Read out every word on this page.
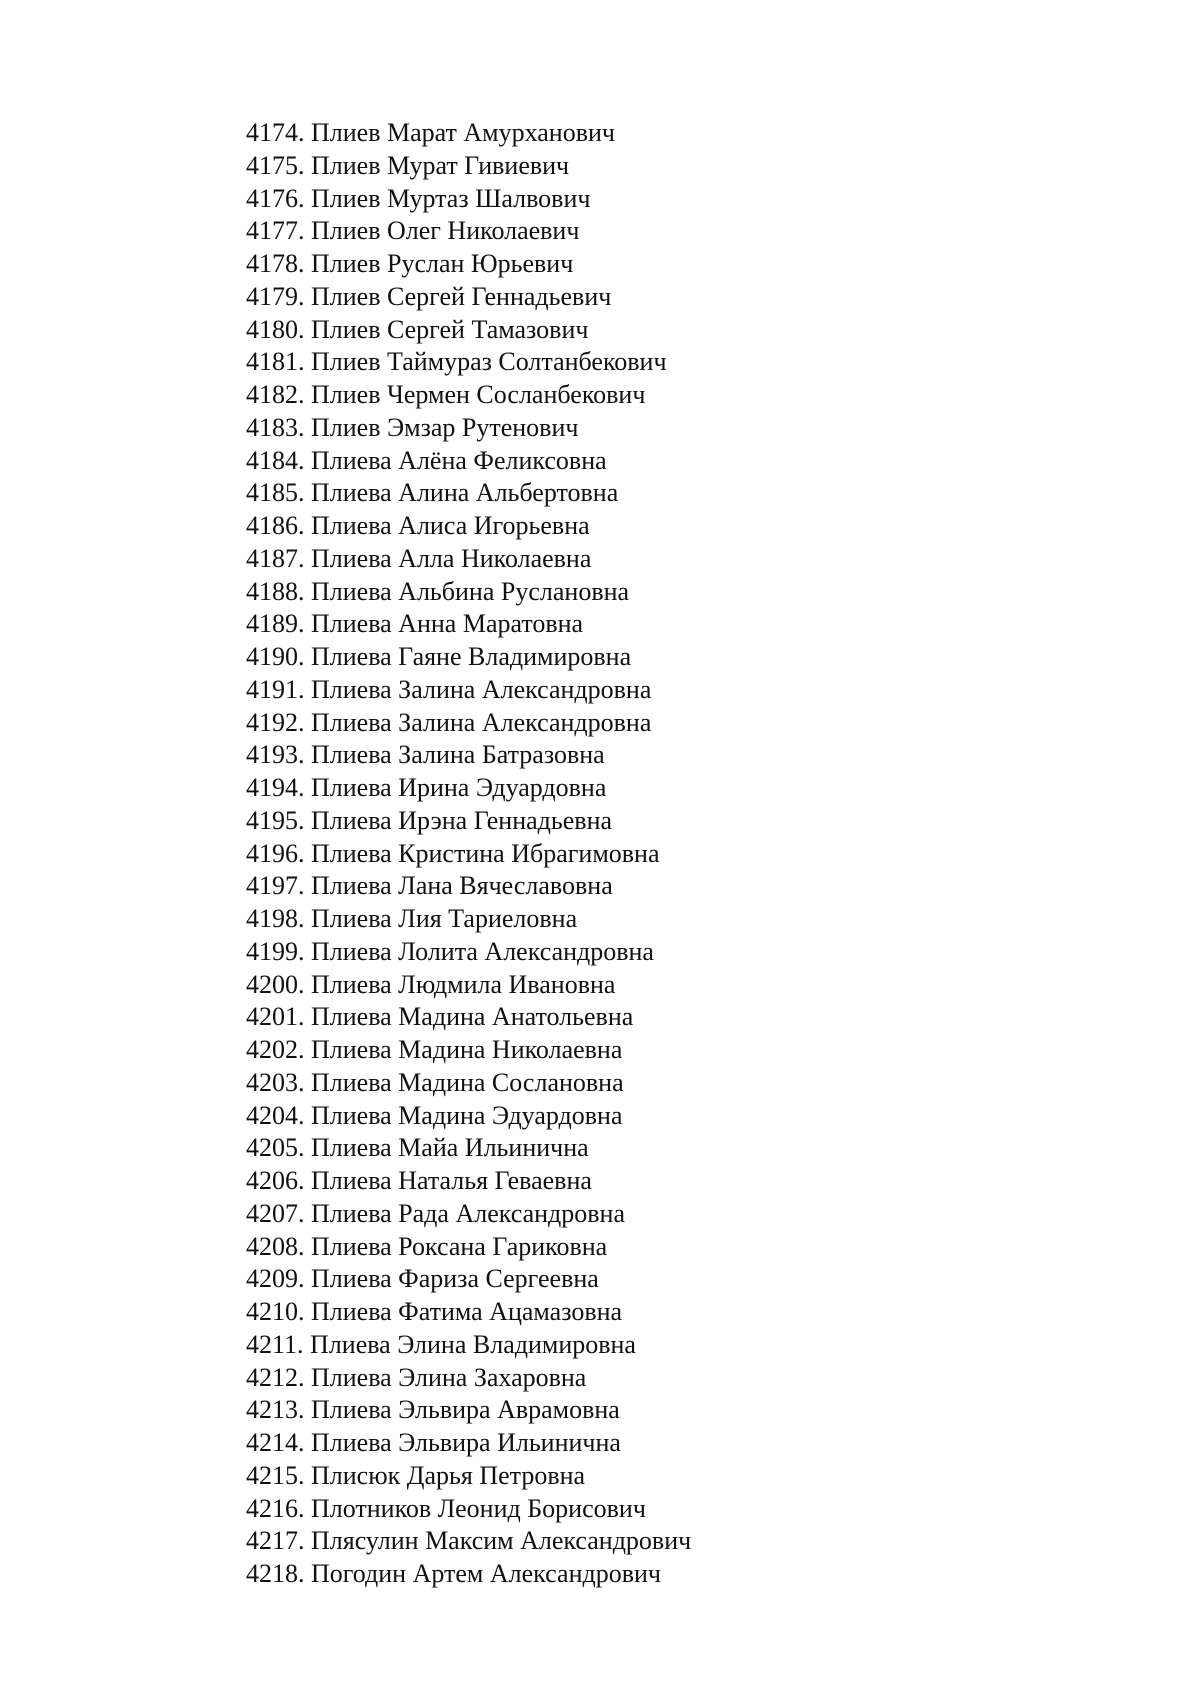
4174. Плиев Марат Амурханович
4175. Плиев Мурат Гивиевич
4176. Плиев Муртаз Шалвович
4177. Плиев Олег Николаевич
4178. Плиев Руслан Юрьевич
4179. Плиев Сергей Геннадьевич
4180. Плиев Сергей Тамазович
4181. Плиев Таймураз Солтанбекович
4182. Плиев Чермен Сосланбекович
4183. Плиев Эмзар Рутенович
4184. Плиева Алёна Феликсовна
4185. Плиева Алина Альбертовна
4186. Плиева Алиса Игорьевна
4187. Плиева Алла Николаевна
4188. Плиева Альбина Руслановна
4189. Плиева Анна Маратовна
4190. Плиева Гаяне Владимировна
4191. Плиева Залина Александровна
4192. Плиева Залина Александровна
4193. Плиева Залина Батразовна
4194. Плиева Ирина Эдуардовна
4195. Плиева Ирэна Геннадьевна
4196. Плиева Кристина Ибрагимовна
4197. Плиева Лана Вячеславовна
4198. Плиева Лия Тариеловна
4199. Плиева Лолита Александровна
4200. Плиева Людмила Ивановна
4201. Плиева Мадина Анатольевна
4202. Плиева Мадина Николаевна
4203. Плиева Мадина Сослановна
4204. Плиева Мадина Эдуардовна
4205. Плиева Майа Ильинична
4206. Плиева Наталья Геваевна
4207. Плиева Рада Александровна
4208. Плиева Роксана Гариковна
4209. Плиева Фариза Сергеевна
4210. Плиева Фатима Ацамазовна
4211. Плиева Элина Владимировна
4212. Плиева Элина Захаровна
4213. Плиева Эльвира Аврамовна
4214. Плиева Эльвира Ильинична
4215. Плисюк Дарья Петровна
4216. Плотников Леонид Борисович
4217. Плясулин Максим Александрович
4218. Погодин Артем Александрович
